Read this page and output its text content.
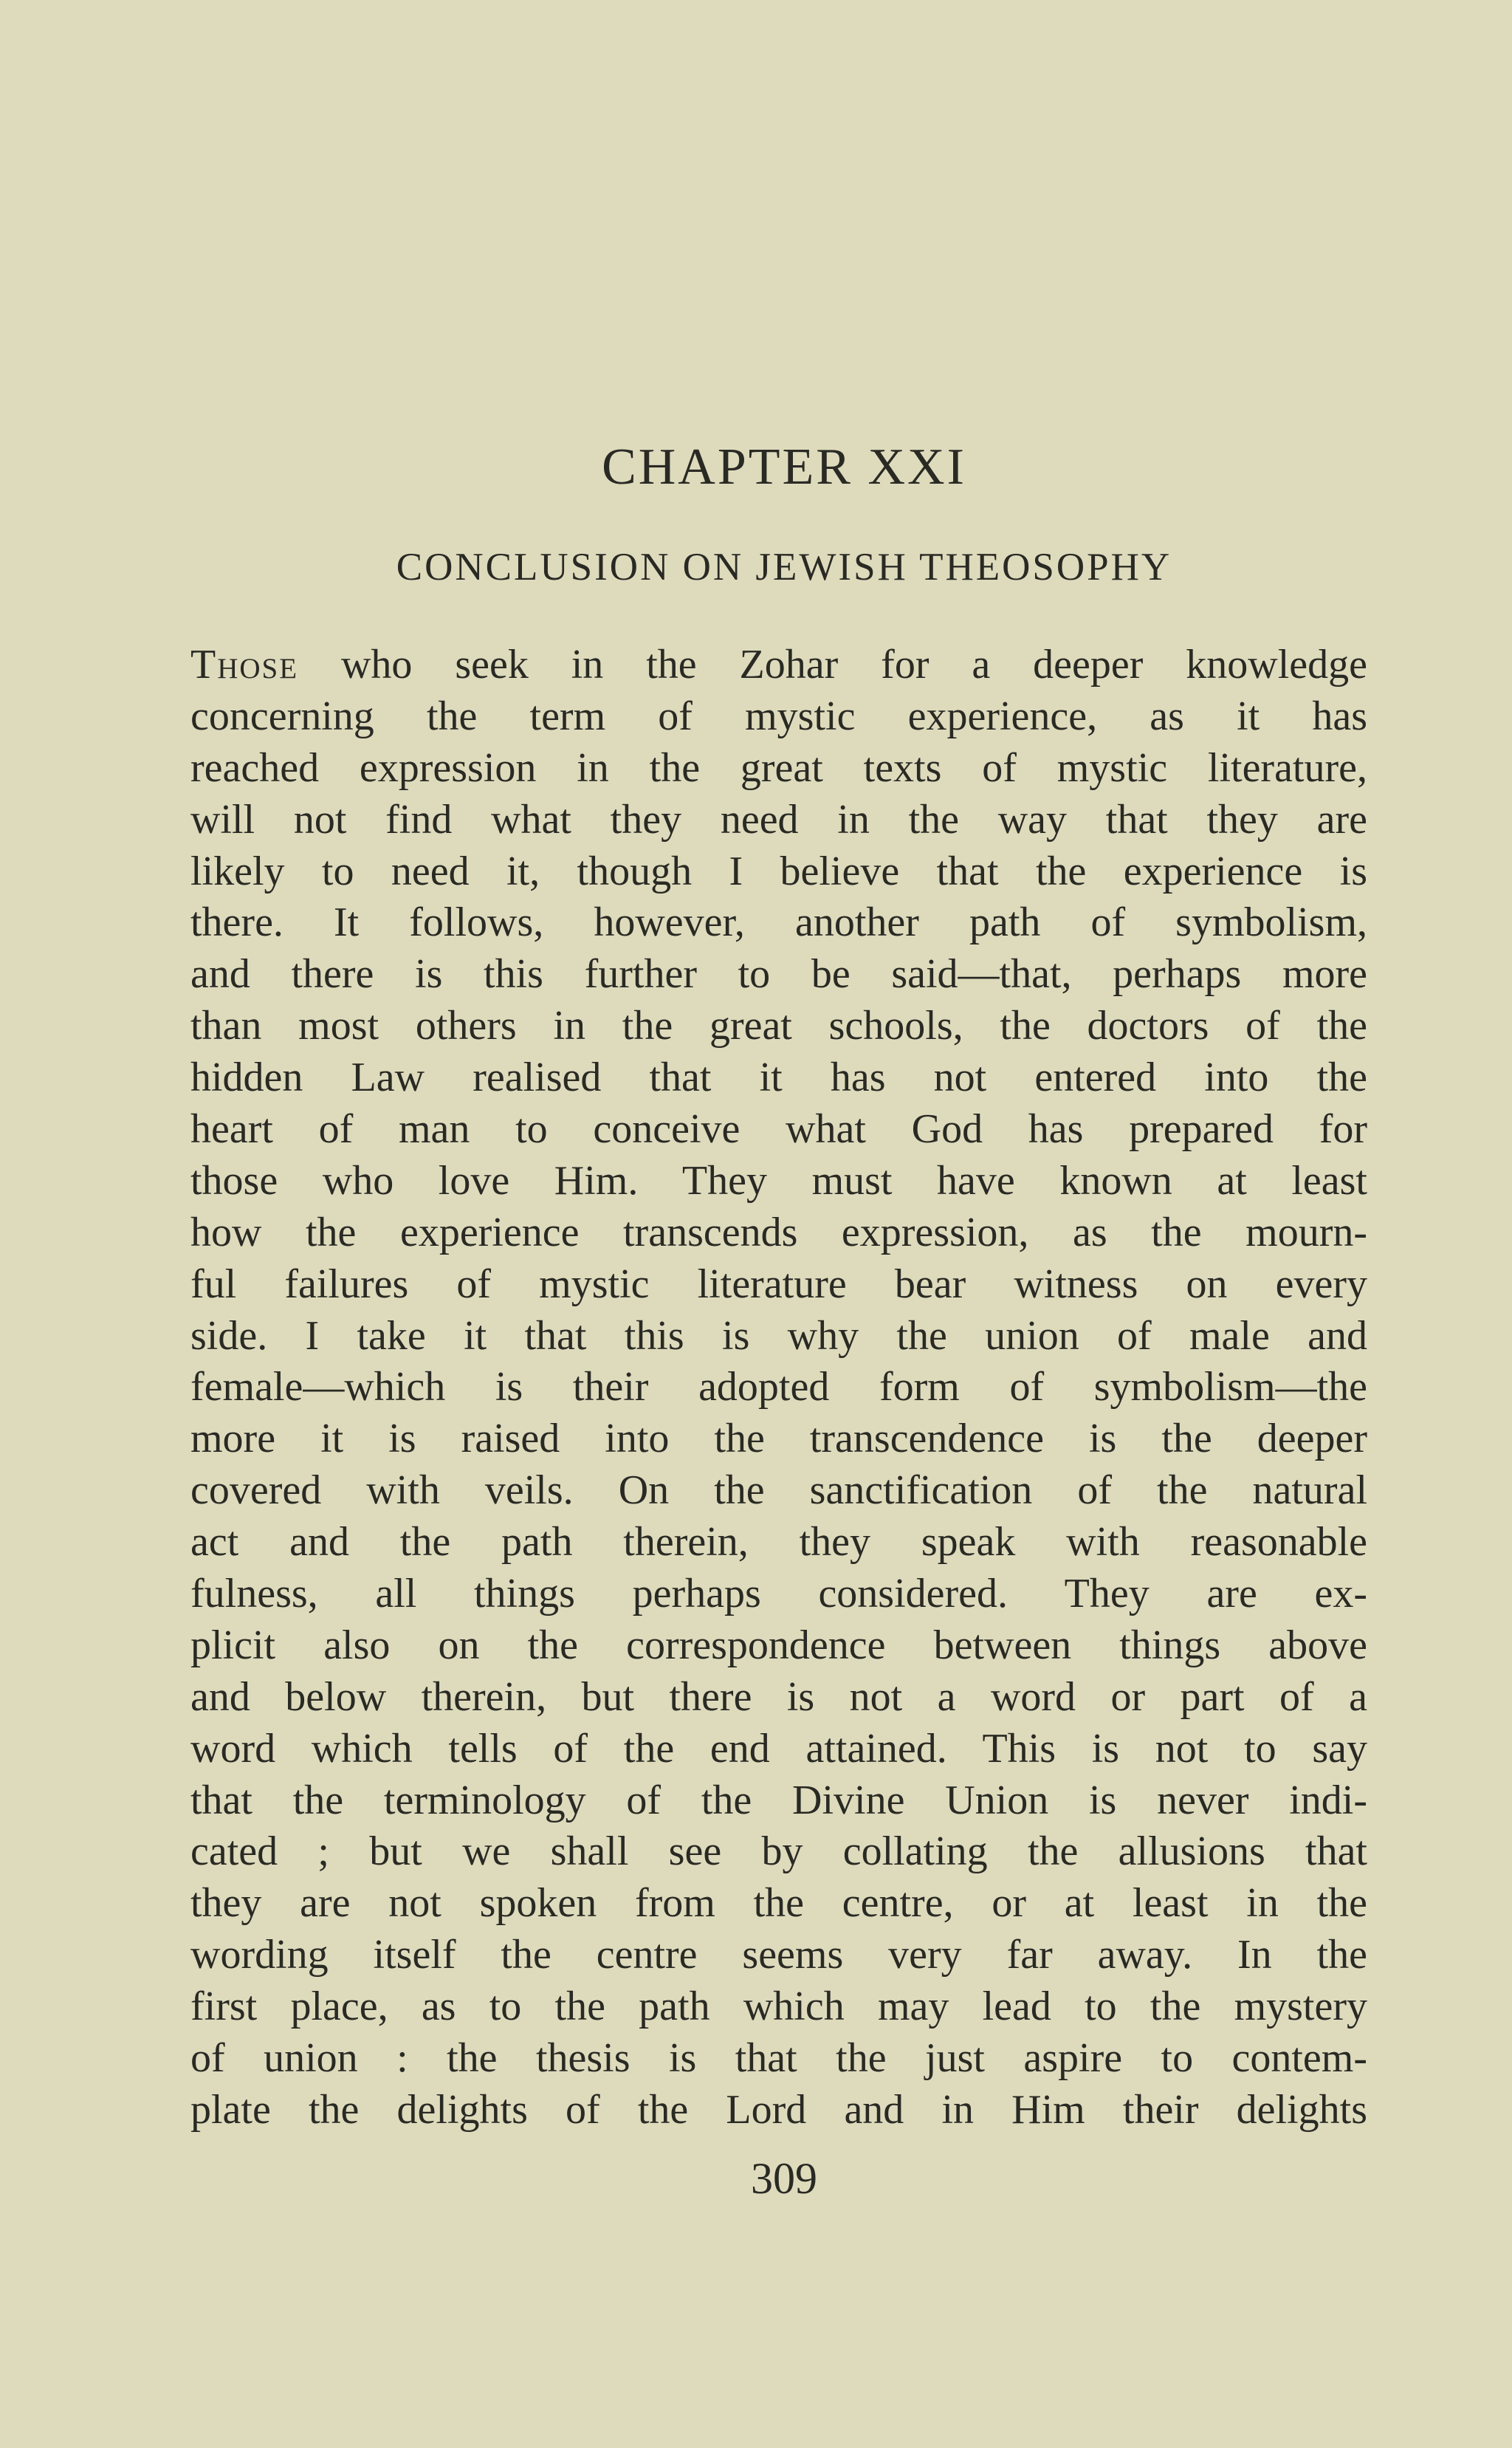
CHAPTER XXI
CONCLUSION ON JEWISH THEOSOPHY
Those who seek in the Zohar for a deeper knowledge
concerning the term of mystic experience, as it has
reached expression in the great texts of mystic literature,
will not find what they need in the way that they are
likely to need it, though I believe that the experience is
there. It follows, however, another path of symbolism,
and there is this further to be said—that, perhaps more
than most others in the great schools, the doctors of the
hidden Law realised that it has not entered into the
heart of man to conceive what God has prepared for
those who love Him. They must have known at least
how the experience transcends expression, as the mourn-
ful failures of mystic literature bear witness on every
side. I take it that this is why the union of male and
female—which is their adopted form of symbolism—the
more it is raised into the transcendence is the deeper
covered with veils. On the sanctification of the natural
act and the path therein, they speak with reasonable
fulness, all things perhaps considered. They are ex-
plicit also on the correspondence between things above
and below therein, but there is not a word or part of a
word which tells of the end attained. This is not to say
that the terminology of the Divine Union is never indi-
cated ; but we shall see by collating the allusions that
they are not spoken from the centre, or at least in the
wording itself the centre seems very far away. In the
first place, as to the path which may lead to the mystery
of union : the thesis is that the just aspire to contem-
plate the delights of the Lord and in Him their delights
309
